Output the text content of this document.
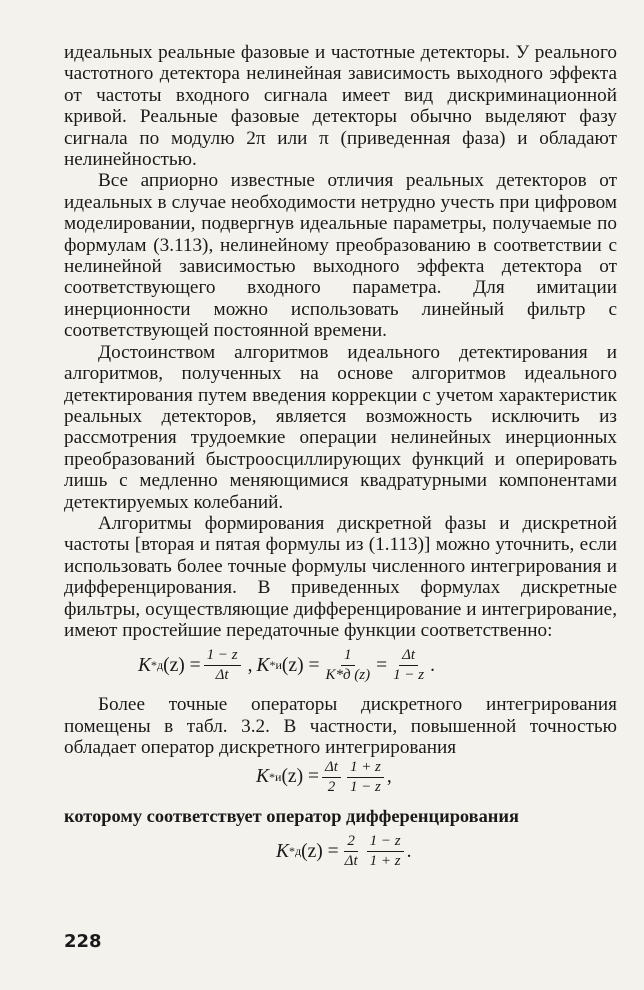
идеальных реальные фазовые и частотные детекторы. У реального частотного детектора нелинейная зависимость выходного эффекта от частоты входного сигнала имеет вид дискриминационной кривой. Реальные фазовые детекторы обычно выделяют фазу сигнала по модулю 2π или π (приведенная фаза) и обладают нелинейностью.

Все априорно известные отличия реальных детекторов от идеальных в случае необходимости нетрудно учесть при цифровом моделировании, подвергнув идеальные параметры, получаемые по формулам (3.113), нелинейному преобразованию в соответствии с нелинейной зависимостью выходного эффекта детектора от соответствующего входного параметра. Для имитации инерционности можно использовать линейный фильтр с соответствующей постоянной времени.

Достоинством алгоритмов идеального детектирования и алгоритмов, полученных на основе алгоритмов идеального детектирования путем введения коррекции с учетом характеристик реальных детекторов, является возможность исключить из рассмотрения трудоемкие операции нелинейных инерционных преобразований быстроосциллирующих функций и оперировать лишь с медленно меняющимися квадратурными компонентами детектируемых колебаний.

Алгоритмы формирования дискретной фазы и дискретной частоты [вторая и пятая формулы из (1.113)] можно уточнить, если использовать более точные формулы численного интегрирования и дифференцирования. В приведенных формулах дискретные фильтры, осуществляющие дифференцирование и интегрирование, имеют простейшие передаточные функции соответственно:

K *д $(z) = \frac{1 - z}{\Delta t}$ , K *и $(z) = \frac{1}{K*д (z)} = \frac{\Delta t}{1 - z}$ .

Более точные операторы дискретного интегрирования помещены в табл. 3.2. В частности, повышенной точностью обладает оператор дискретного интегрирования

K *и $(z) = \frac{\Delta t}{2} \frac{1 + z}{1 - z}$ ,

которому соответствует оператор дифференцирования

K *д $(z) = \frac{2}{\Delta t} \frac{1 - z}{1 + z}$ .
228
